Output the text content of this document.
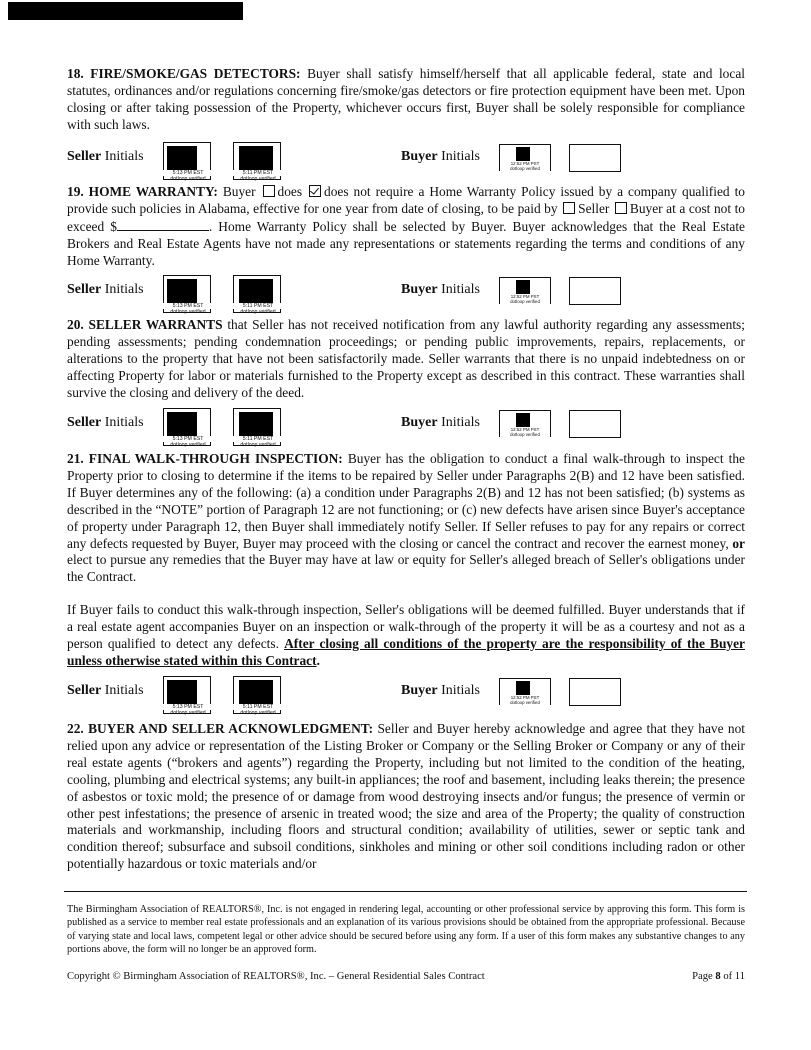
18. FIRE/SMOKE/GAS DETECTORS: Buyer shall satisfy himself/herself that all applicable federal, state and local statutes, ordinances and/or regulations concerning fire/smoke/gas detectors or fire protection equipment have been met. Upon closing or after taking possession of the Property, whichever occurs first, Buyer shall be solely responsible for compliance with such laws.

Seller Initials
5:13 PM EST
dotloop verified
5:11 PM EST
dotloop verified
Buyer Initials	12:52 PM PST
dotloop verified

19. HOME WARRANTY: Buyer does does not require a Home Warranty Policy issued by a company qualified to provide such policies in Alabama, effective for one year from date of closing, to be paid by Seller Buyer at a cost not to exceed $	. Home Warranty Policy shall be selected by Buyer. Buyer acknowledges that the Real Estate Brokers and Real Estate Agents have not made any representations or statements regarding the terms and conditions of any Home Warranty.

Seller Initials
5:13 PM EST
dotloop verified
5:11 PM EST
dotloop verified
Buyer Initials	12:52 PM PST
dotloop verified

20. SELLER WARRANTS that Seller has not received notification from any lawful authority regarding any assessments; pending assessments; pending condemnation proceedings; or pending public improvements, repairs, replacements, or alterations to the property that have not been satisfactorily made. Seller warrants that there is no unpaid indebtedness on or affecting Property for labor or materials furnished to the Property except as described in this contract. These warranties shall survive the closing and delivery of the deed.

Seller Initials
5:13 PM EST
dotloop verified
5:11 PM EST
dotloop verified
Buyer Initials	12:52 PM PST
dotloop verified

21. FINAL WALK-THROUGH INSPECTION: Buyer has the obligation to conduct a final walk-through to inspect the Property prior to closing to determine if the items to be repaired by Seller under Paragraphs 2(B) and 12 have been satisfied. If Buyer determines any of the following: (a) a condition under Paragraphs 2(B) and 12 has not been satisfied; (b) systems as described in the “NOTE” portion of Paragraph 12 are not functioning; or (c) new defects have arisen since Buyer's acceptance of property under Paragraph 12, then Buyer shall immediately notify Seller. If Seller refuses to pay for any repairs or correct any defects requested by Buyer, Buyer may proceed with the closing or cancel the contract and recover the earnest money, or elect to pursue any remedies that the Buyer may have at law or equity for Seller's alleged breach of Seller's obligations under the Contract.

If Buyer fails to conduct this walk-through inspection, Seller's obligations will be deemed fulfilled. Buyer understands that if a real estate agent accompanies Buyer on an inspection or walk-through of the property it will be as a courtesy and not as a person qualified to detect any defects. After closing all conditions of the property are the responsibility of the Buyer unless otherwise stated within this Contract.

Seller Initials
5:13 PM EST
dotloop verified
5:11 PM EST
dotloop verified
Buyer Initials	12:52 PM PST
dotloop verified

22. BUYER AND SELLER ACKNOWLEDGMENT: Seller and Buyer hereby acknowledge and agree that they have not relied upon any advice or representation of the Listing Broker or Company or the Selling Broker or Company or any of their real estate agents (“brokers and agents”) regarding the Property, including but not limited to the condition of the heating, cooling, plumbing and electrical systems; any built-in appliances; the roof and basement, including leaks therein; the presence of asbestos or toxic mold; the presence of or damage from wood destroying insects and/or fungus; the presence of vermin or other pest infestations; the presence of arsenic in treated wood; the size and area of the Property; the quality of construction materials and workmanship, including floors and structural condition; availability of utilities, sewer or septic tank and condition thereof; subsurface and subsoil conditions, sinkholes and mining or other soil conditions including radon or other potentially hazardous or toxic materials and/or

The Birmingham Association of REALTORS®, Inc. is not engaged in rendering legal, accounting or other professional service by approving this form. This form is published as a service to member real estate professionals and an explanation of its various provisions should be obtained from the appropriate professional. Because of varying state and local laws, competent legal or other advice should be secured before using any form. If a user of this form makes any substantive changes to any portions above, the form will no longer be an approved form.

Copyright © Birmingham Association of REALTORS®, Inc. – General Residential Sales Contract	Page 8 of 11
